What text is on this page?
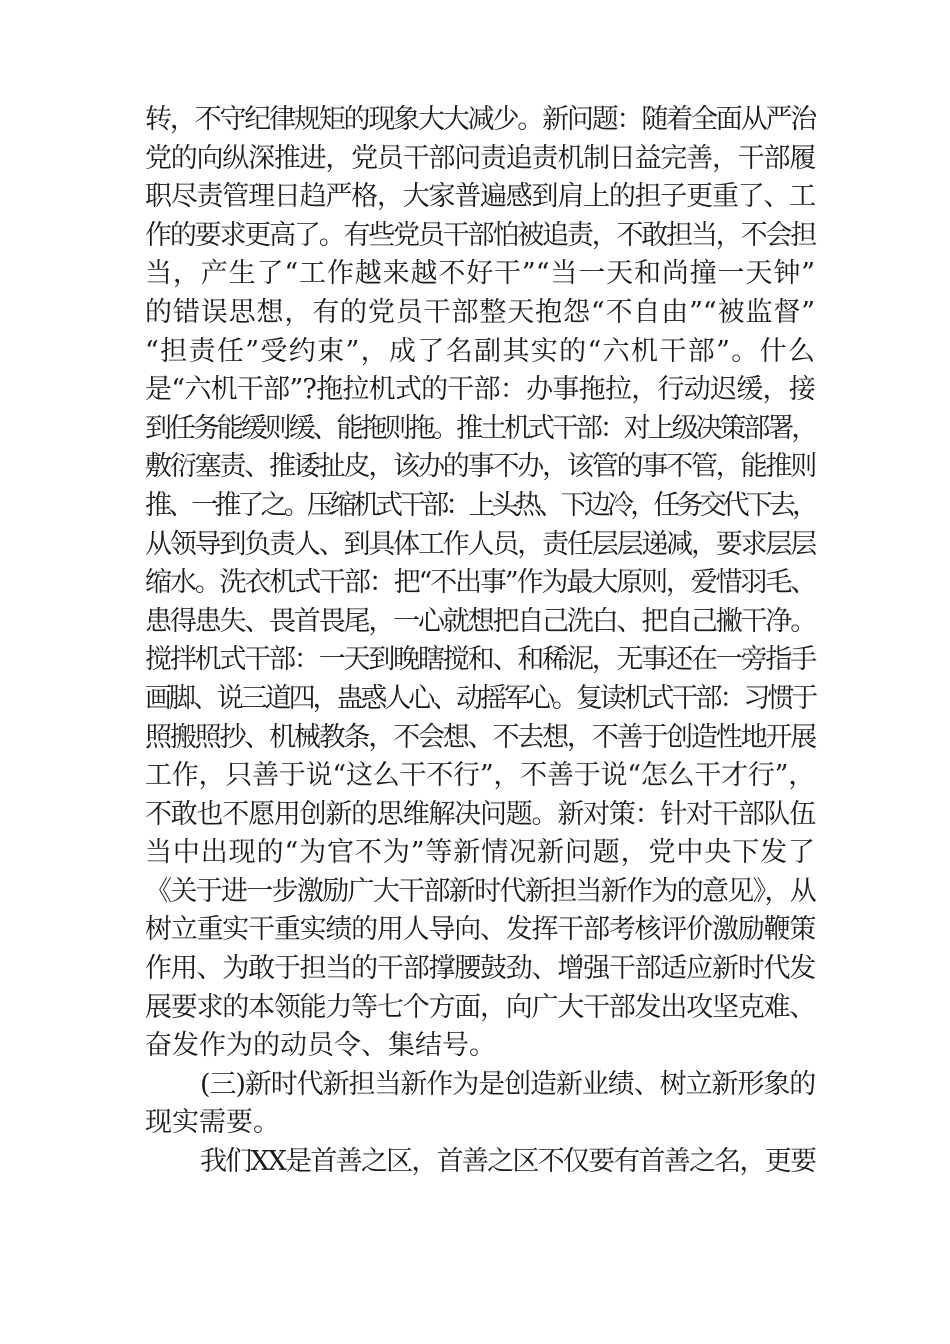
转，不守纪律规矩的现象大大减少。新问题：随着全面从严治
党的向纵深推进，党员干部问责追责机制日益完善，干部履
职尽责管理日趋严格，大家普遍感到肩上的担子更重了、工
作的要求更高了。有些党员干部怕被追责，不敢担当，不会担
当，产生了“工作越来越不好干”“当一天和尚撞一天钟”
的错误思想，有的党员干部整天抱怨“不自由”“被监督”
“担责任”受约束”，成了名副其实的“六机干部”。什么
是“六机干部”?拖拉机式的干部：办事拖拉，行动迟缓，接
到任务能缓则缓、能拖则拖。推土机式干部：对上级决策部署，
敷衍塞责、推诿扯皮，该办的事不办，该管的事不管，能推则
推、一推了之。压缩机式干部：上头热、下边冷，任务交代下去，
从领导到负责人、到具体工作人员，责任层层递减，要求层层
缩水。洗衣机式干部：把“不出事”作为最大原则，爱惜羽毛、
患得患失、畏首畏尾，一心就想把自己洗白、把自己撇干净。
搅拌机式干部：一天到晚瞎搅和、和稀泥，无事还在一旁指手
画脚、说三道四，蛊惑人心、动摇军心。复读机式干部：习惯于
照搬照抄、机械教条，不会想、不去想，不善于创造性地开展
工作，只善于说“这么干不行”，不善于说“怎么干才行”，
不敢也不愿用创新的思维解决问题。新对策：针对干部队伍
当中出现的“为官不为”等新情况新问题，党中央下发了
《关于进一步激励广大干部新时代新担当新作为的意见》，从
树立重实干重实绩的用人导向、发挥干部考核评价激励鞭策
作用、为敢于担当的干部撑腰鼓劲、增强干部适应新时代发
展要求的本领能力等七个方面，向广大干部发出攻坚克难、
奋发作为的动员令、集结号。
(三)新时代新担当新作为是创造新业绩、树立新形象的
现实需要。
我们XX是首善之区，首善之区不仅要有首善之名，更要
